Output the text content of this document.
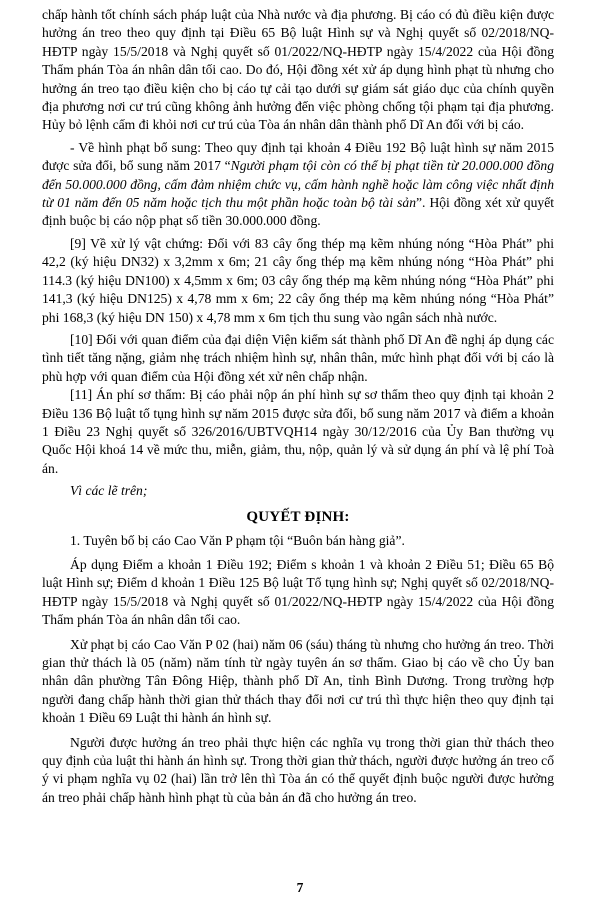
chấp hành tốt chính sách pháp luật của Nhà nước và địa phương. Bị cáo có đủ điều kiện được hưởng án treo theo quy định tại Điều 65 Bộ luật Hình sự và Nghị quyết số 02/2018/NQ-HĐTP ngày 15/5/2018 và Nghị quyết số 01/2022/NQ-HĐTP ngày 15/4/2022 của Hội đồng Thẩm phán Tòa án nhân dân tối cao. Do đó, Hội đồng xét xử áp dụng hình phạt tù nhưng cho hưởng án treo tạo điều kiện cho bị cáo tự cải tạo dưới sự giám sát giáo dục của chính quyền địa phương nơi cư trú cũng không ảnh hưởng đến việc phòng chống tội phạm tại địa phương. Hủy bỏ lệnh cấm đi khỏi nơi cư trú của Tòa án nhân dân thành phố Dĩ An đối với bị cáo.

- Về hình phạt bổ sung: Theo quy định tại khoản 4 Điều 192 Bộ luật hình sự năm 2015 được sửa đổi, bổ sung năm 2017 “Người phạm tội còn có thể bị phạt tiền từ 20.000.000 đồng đến 50.000.000 đồng, cấm đảm nhiệm chức vụ, cấm hành nghề hoặc làm công việc nhất định từ 01 năm đến 05 năm hoặc tịch thu một phần hoặc toàn bộ tài sản”. Hội đồng xét xử quyết định buộc bị cáo nộp phạt số tiền 30.000.000 đồng.

[9] Về xử lý vật chứng: Đối với 83 cây ống thép mạ kẽm nhúng nóng “Hòa Phát” phi 42,2 (ký hiệu DN32) x 3,2mm x 6m; 21 cây ống thép mạ kẽm nhúng nóng “Hòa Phát” phi 114.3 (ký hiệu DN100) x 4,5mm x 6m; 03 cây ống thép mạ kẽm nhúng nóng “Hòa Phát” phi 141,3 (ký hiệu DN125) x 4,78 mm x 6m; 22 cây ống thép mạ kẽm nhúng nóng “Hòa Phát” phi 168,3 (ký hiệu DN 150) x 4,78 mm x 6m tịch thu sung vào ngân sách nhà nước.

[10] Đối với quan điểm của đại diện Viện kiểm sát thành phố Dĩ An đề nghị áp dụng các tình tiết tăng nặng, giảm nhẹ trách nhiệm hình sự, nhân thân, mức hình phạt đối với bị cáo là phù hợp với quan điểm của Hội đồng xét xử nên chấp nhận.

[11] Án phí sơ thẩm: Bị cáo phải nộp án phí hình sự sơ thẩm theo quy định tại khoản 2 Điều 136 Bộ luật tố tụng hình sự năm 2015 được sửa đổi, bổ sung năm 2017 và điểm a khoản 1 Điều 23 Nghị quyết số 326/2016/UBTVQH14 ngày 30/12/2016 của Ủy Ban thường vụ Quốc Hội khoá 14 về mức thu, miễn, giảm, thu, nộp, quản lý và sử dụng án phí và lệ phí Toà án.

Vì các lẽ trên;

QUYẾT ĐỊNH:

1. Tuyên bố bị cáo Cao Văn P phạm tội “Buôn bán hàng giả”.

Áp dụng Điểm a khoản 1 Điều 192; Điểm s khoản 1 và khoản 2 Điều 51; Điều 65 Bộ luật Hình sự; Điểm d khoản 1 Điều 125 Bộ luật Tố tụng hình sự; Nghị quyết số 02/2018/NQ-HĐTP ngày 15/5/2018 và Nghị quyết số 01/2022/NQ-HĐTP ngày 15/4/2022 của Hội đồng Thẩm phán Tòa án nhân dân tối cao.

Xử phạt bị cáo Cao Văn P 02 (hai) năm 06 (sáu) tháng tù nhưng cho hưởng án treo. Thời gian thử thách là 05 (năm) năm tính từ ngày tuyên án sơ thẩm. Giao bị cáo về cho Ủy ban nhân dân phường Tân Đông Hiệp, thành phố Dĩ An, tỉnh Bình Dương. Trong trường hợp người đang chấp hành thời gian thử thách thay đổi nơi cư trú thì thực hiện theo quy định tại khoản 1 Điều 69 Luật thi hành án hình sự.

Người được hưởng án treo phải thực hiện các nghĩa vụ trong thời gian thử thách theo quy định của luật thi hành án hình sự. Trong thời gian thử thách, người được hưởng án treo cố ý vi phạm nghĩa vụ 02 (hai) lần trở lên thì Tòa án có thể quyết định buộc người được hưởng án treo phải chấp hành hình phạt tù của bản án đã cho hưởng án treo.

7
